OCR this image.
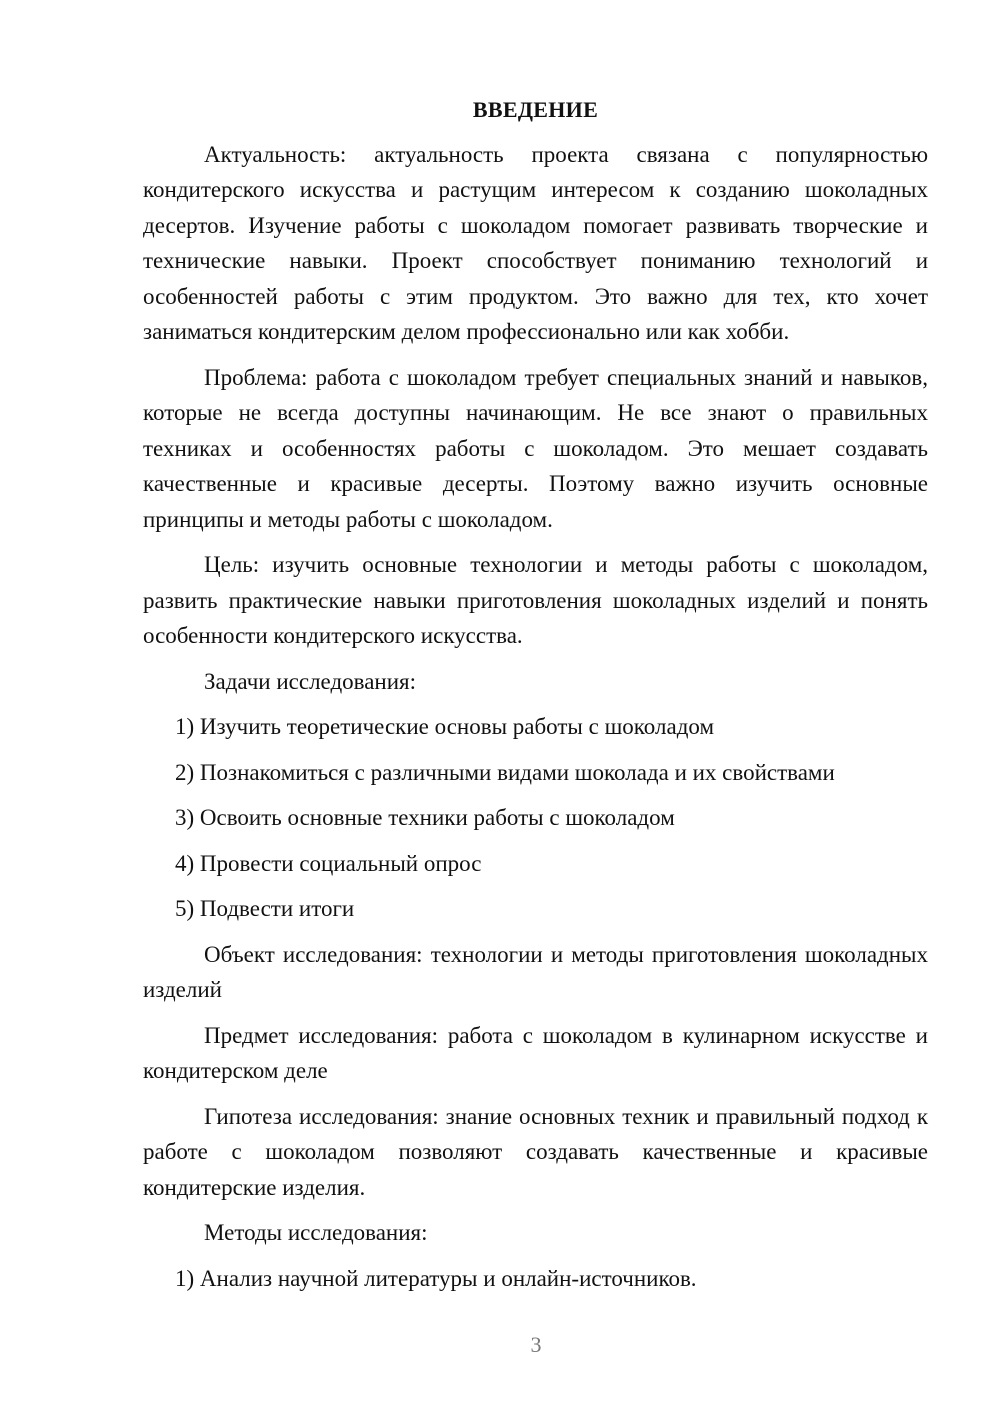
ВВЕДЕНИЕ

Актуальность: актуальность проекта связана с популярностью кондитерского искусства и растущим интересом к созданию шоколадных десертов. Изучение работы с шоколадом помогает развивать творческие и технические навыки. Проект способствует пониманию технологий и особенностей работы с этим продуктом. Это важно для тех, кто хочет заниматься кондитерским делом профессионально или как хобби.

Проблема: работа с шоколадом требует специальных знаний и навыков, которые не всегда доступны начинающим. Не все знают о правильных техниках и особенностях работы с шоколадом. Это мешает создавать качественные и красивые десерты. Поэтому важно изучить основные принципы и методы работы с шоколадом.

Цель: изучить основные технологии и методы работы с шоколадом, развить практические навыки приготовления шоколадных изделий и понять особенности кондитерского искусства.

Задачи исследования:

1) Изучить теоретические основы работы с шоколадом

2) Познакомиться с различными видами шоколада и их свойствами

3) Освоить основные техники работы с шоколадом

4) Провести социальный опрос

5) Подвести итоги

Объект исследования: технологии и методы приготовления шоколадных изделий

Предмет исследования: работа с шоколадом в кулинарном искусстве и кондитерском деле

Гипотеза исследования: знание основных техник и правильный подход к работе с шоколадом позволяют создавать качественные и красивые кондитерские изделия.

Методы исследования:

1) Анализ научной литературы и онлайн-источников.

3
